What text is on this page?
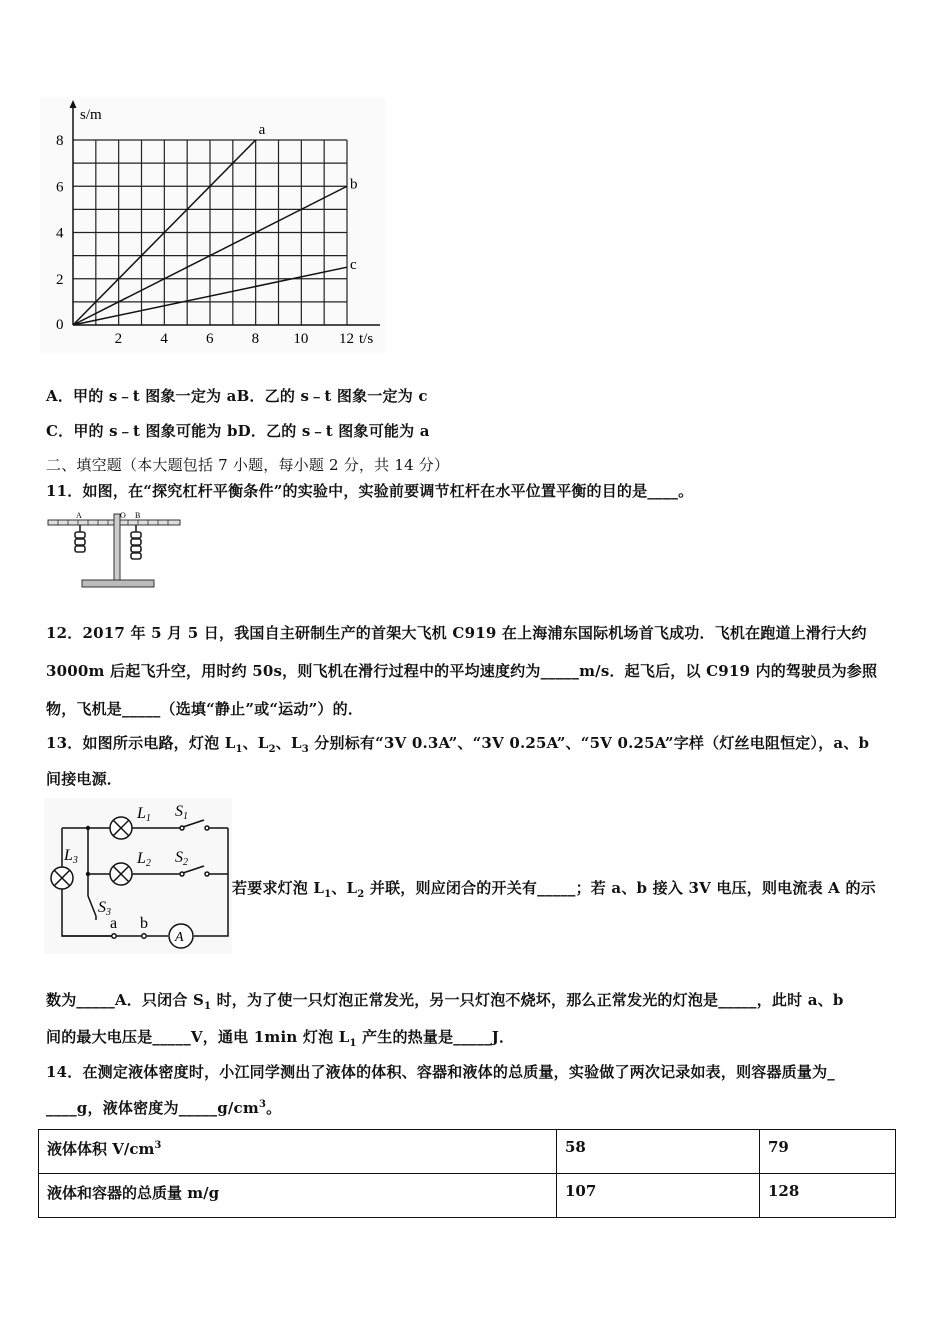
s/m
t/s
8
6
4
2
0
2	4	6	8 10 12
a
b
c
A．甲的 s﹣t 图象一定为 aB．乙的 s﹣t 图象一定为 c
C．甲的 s﹣t 图象可能为 bD．乙的 s﹣t 图象可能为 a
二、填空题（本大题包括 7 小题，每小题 2 分，共 14 分）
11．如图，在“探究杠杆平衡条件”的实验中，实验前要调节杠杆在水平位置平衡的目的是____。
A	O B
12．2017 年 5 月 5 日，我国自主研制生产的首架大飞机 C919 在上海浦东国际机场首飞成功．飞机在跑道上滑行大约
3000m 后起飞升空，用时约 50s，则飞机在滑行过程中的平均速度约为_____m/s．起飞后，以 C919 内的驾驶员为参照
物，飞机是_____（选填“静止”或“运动”）的．
13．如图所示电路，灯泡 $L_1$、$L_2$、$L_3$ 分别标有“3V 0.3A”、“3V 0.25A”、“5V 0.25A”字样（灯丝电阻恒定），a、b
间接电源．
A
L1
L2
L3
S1
S2
S3
a b
若要求灯泡 $L_1$、$L_2$ 并联，则应闭合的开关有_____；若 a、b 接入 3V 电压，则电流表 A 的示
数为_____A．只闭合 $S_1$ 时，为了使一只灯泡正常发光，另一只灯泡不烧坏，那么正常发光的灯泡是_____，此时 a、b
间的最大电压是_____V，通电 1min 灯泡 $L_1$ 产生的热量是_____J．
14．在测定液体密度时，小江同学测出了液体的体积、容器和液体的总质量，实验做了两次记录如表，则容器质量为_
____g，液体密度为$\_\_\_\_\_g/cm^3$。
液体体积 $V/cm^3$	58	79
液体和容器的总质量 m/g	107	128
